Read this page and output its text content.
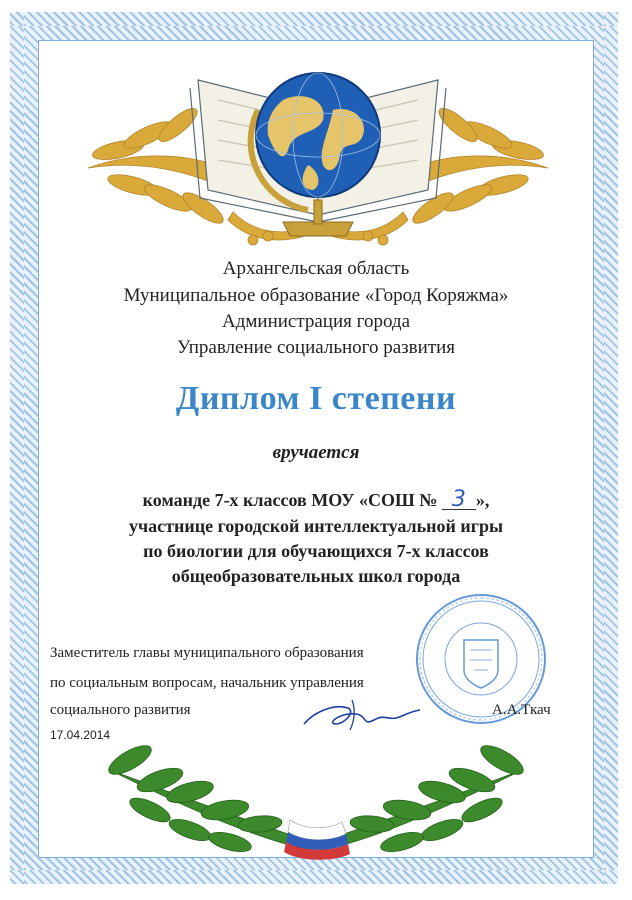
Архангельская область
Муниципальное образование «Город Коряжма»
Администрация города
Управление социального развития
Диплом I степени
вручается
команде 7-х классов МОУ «СОШ № 3 »,
участнице городской интеллектуальной игры
по биологии для обучающихся 7-х классов
общеобразовательных школ города
Заместитель главы муниципального образования
по социальным вопросам, начальник управления
социального развития	А.А.Ткач
17.04.2014
